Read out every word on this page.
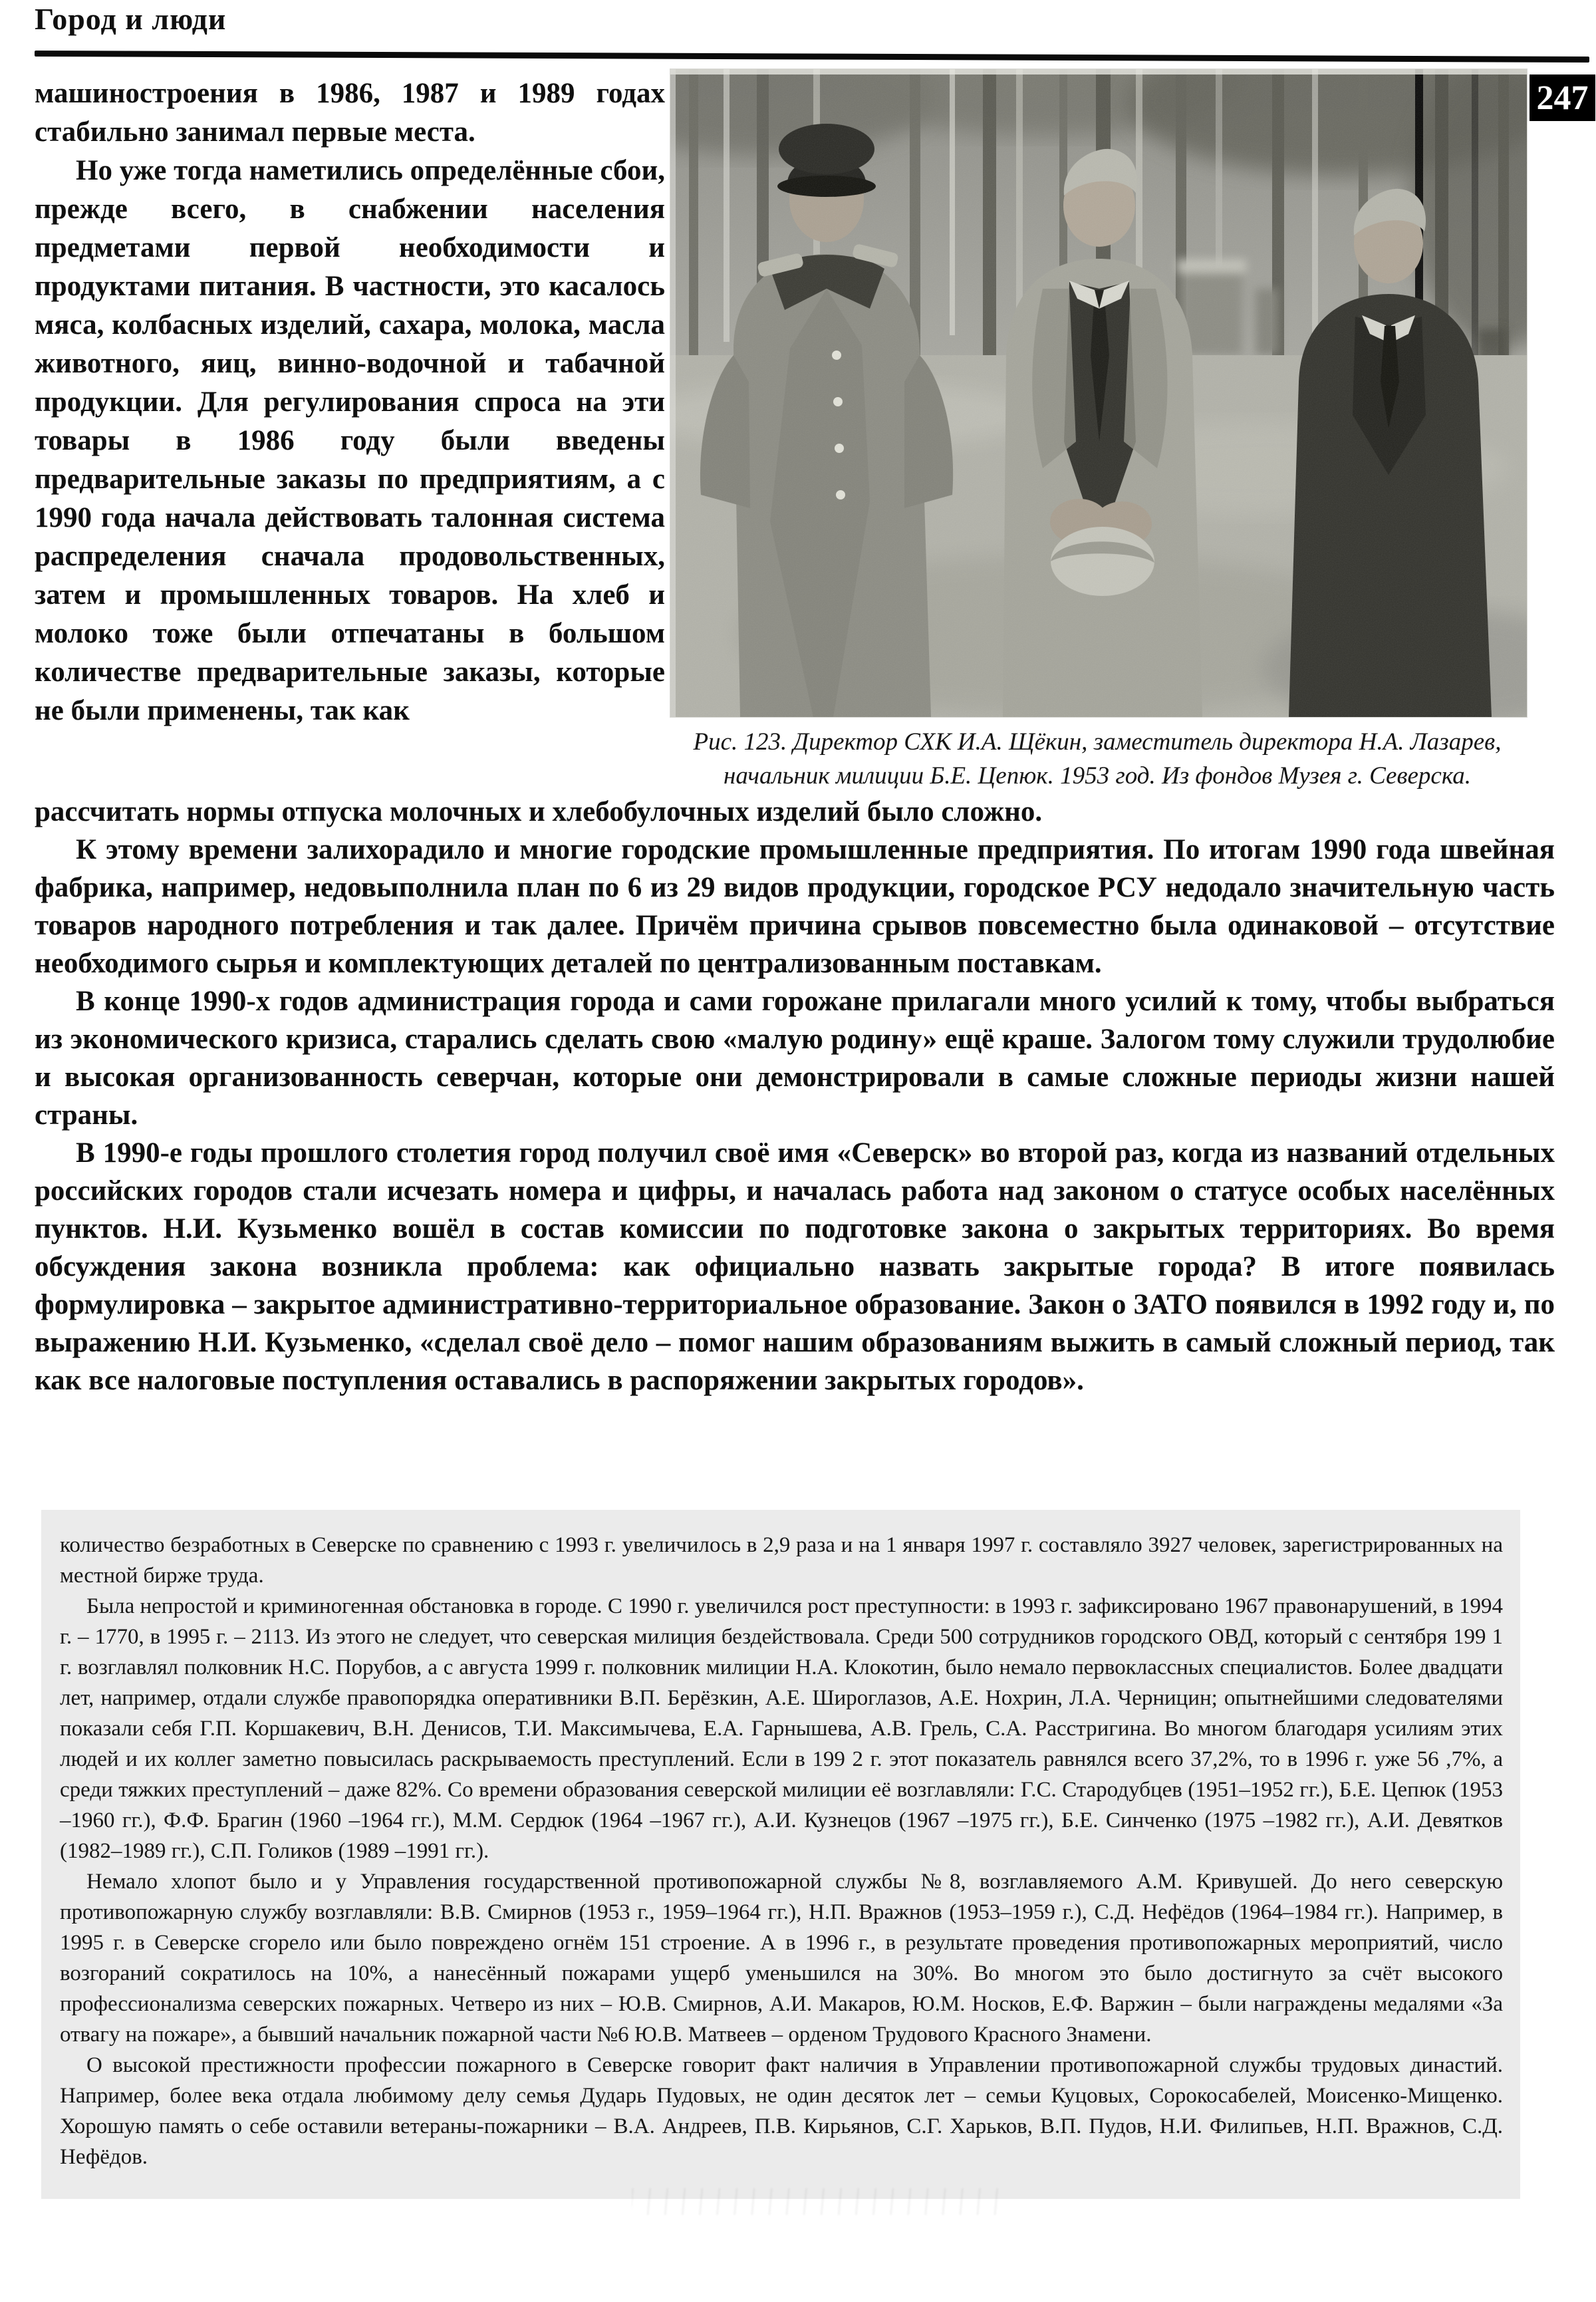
Город и люди
247

машиностроения в 1986, 1987 и 1989 годах стабильно занимал первые места.

Но уже тогда наметились определённые сбои, прежде всего, в снабжении населения предметами первой необходимости и продуктами питания. В частности, это касалось мяса, колбасных изделий, сахара, молока, масла животного, яиц, винно-водочной и табачной продукции. Для регулирования спроса на эти товары в 1986 году были введены предварительные заказы по предприятиям, а с 1990 года начала действовать талонная система распределения сначала продовольственных, затем и промышленных товаров. На хлеб и молоко тоже были отпечатаны в большом количестве предварительные заказы, которые не были применены, так как

Рис. 123. Директор СХК И.А. Щёкин, заместитель директора Н.А. Лазарев,
начальник милиции Б.Е. Цепюк. 1953 год. Из фондов Музея г. Северска.

рассчитать нормы отпуска молочных и хлебобулочных изделий было сложно.

К этому времени залихорадило и многие городские промышленные предприятия. По итогам 1990 года швейная фабрика, например, недовыполнила план по 6 из 29 видов продукции, городское РСУ недодало значительную часть товаров народного потребления и так далее. Причём причина срывов повсеместно была одинаковой – отсутствие необходимого сырья и комплектующих деталей по централизованным поставкам.

В конце 1990-х годов администрация города и сами горожане прилагали много усилий к тому, чтобы выбраться из экономического кризиса, старались сделать свою «малую родину» ещё краше. Залогом тому служили трудолюбие и высокая организованность северчан, которые они демонстрировали в самые сложные периоды жизни нашей страны.

В 1990-е годы прошлого столетия город получил своё имя «Северск» во второй раз, когда из названий отдельных российских городов стали исчезать номера и цифры, и началась работа над законом о статусе особых населённых пунктов. Н.И. Кузьменко вошёл в состав комиссии по подготовке закона о закрытых территориях. Во время обсуждения закона возникла проблема: как официально назвать закрытые города? В итоге появилась формулировка – закрытое административно-территориальное образование. Закон о ЗАТО появился в 1992 году и, по выражению Н.И. Кузьменко, «сделал своё дело – помог нашим образованиям выжить в самый сложный период, так как все налоговые поступления оставались в распоряжении закрытых городов».

количество безработных в Северске по сравнению с 1993 г. увеличилось в 2,9 раза и на 1 января 1997 г. составляло 3927 человек, зарегистрированных на местной бирже труда.

Была непростой и криминогенная обстановка в городе. С 1990 г. увеличился рост преступности: в 1993 г. зафиксировано 1967 правонарушений, в 1994 г. – 1770, в 1995 г. – 2113. Из этого не следует, что северская милиция бездействовала. Среди 500 сотрудников городского ОВД, который с сентября 199 1 г. возглавлял полковник Н.С. Порубов, а с августа 1999 г. полковник милиции Н.А. Клокотин, было немало первоклассных специалистов. Более двадцати лет, например, отдали службе правопорядка оперативники В.П. Берёзкин, А.Е. Широглазов, А.Е. Нохрин, Л.А. Черницин; опытнейшими следователями показали себя Г.П. Коршакевич, В.Н. Денисов, Т.И. Максимычева, Е.А. Гарнышева, А.В. Грель, С.А. Расстригина. Во многом благодаря усилиям этих людей и их коллег заметно повысилась раскрываемость преступлений. Если в 199 2 г. этот показатель равнялся всего 37,2%, то в 1996 г. уже 56 ,7%, а среди тяжких преступлений – даже 82%. Со времени образования северской милиции её возглавляли: Г.С. Стародубцев (1951–1952 гг.), Б.Е. Цепюк (1953 –1960 гг.), Ф.Ф. Брагин (1960 –1964 гг.), М.М. Сердюк (1964 –1967 гг.), А.И. Кузнецов (1967 –1975 гг.), Б.Е. Синченко (1975 –1982 гг.), А.И. Девятков (1982–1989 гг.), С.П. Голиков (1989 –1991 гг.).

Немало хлопот было и у Управления государственной противопожарной службы №8, возглавляемого А.М. Кривушей. До него северскую противопожарную службу возглавляли: В.В. Смирнов (1953 г., 1959–1964 гг.), Н.П. Вражнов (1953–1959 г.), С.Д. Нефёдов (1964–1984 гг.). Например, в 1995 г. в Северске сгорело или было повреждено огнём 151 строение. А в 1996 г., в результате проведения противопожарных мероприятий, число возгораний сократилось на 10%, а нанесённый пожарами ущерб уменьшился на 30%. Во многом это было достигнуто за счёт высокого профессионализма северских пожарных. Четверо из них – Ю.В. Смирнов, А.И. Макаров, Ю.М. Носков, Е.Ф. Варжин – были награждены медалями «За отвагу на пожаре», а бывший начальник пожарной части №6 Ю.В. Матвеев – орденом Трудового Красного Знамени.

О высокой престижности профессии пожарного в Северске говорит факт наличия в Управлении противопожарной службы трудовых династий. Например, более века отдала любимому делу семья Дударь Пудовых, не один десяток лет – семьи Куцовых, Сорокосабелей, Моисенко-Мищенко. Хорошую память о себе оставили ветераны-пожарники – В.А. Андреев, П.В. Кирьянов, С.Г. Харьков, В.П. Пудов, Н.И. Филипьев, Н.П. Вражнов, С.Д. Нефёдов.
